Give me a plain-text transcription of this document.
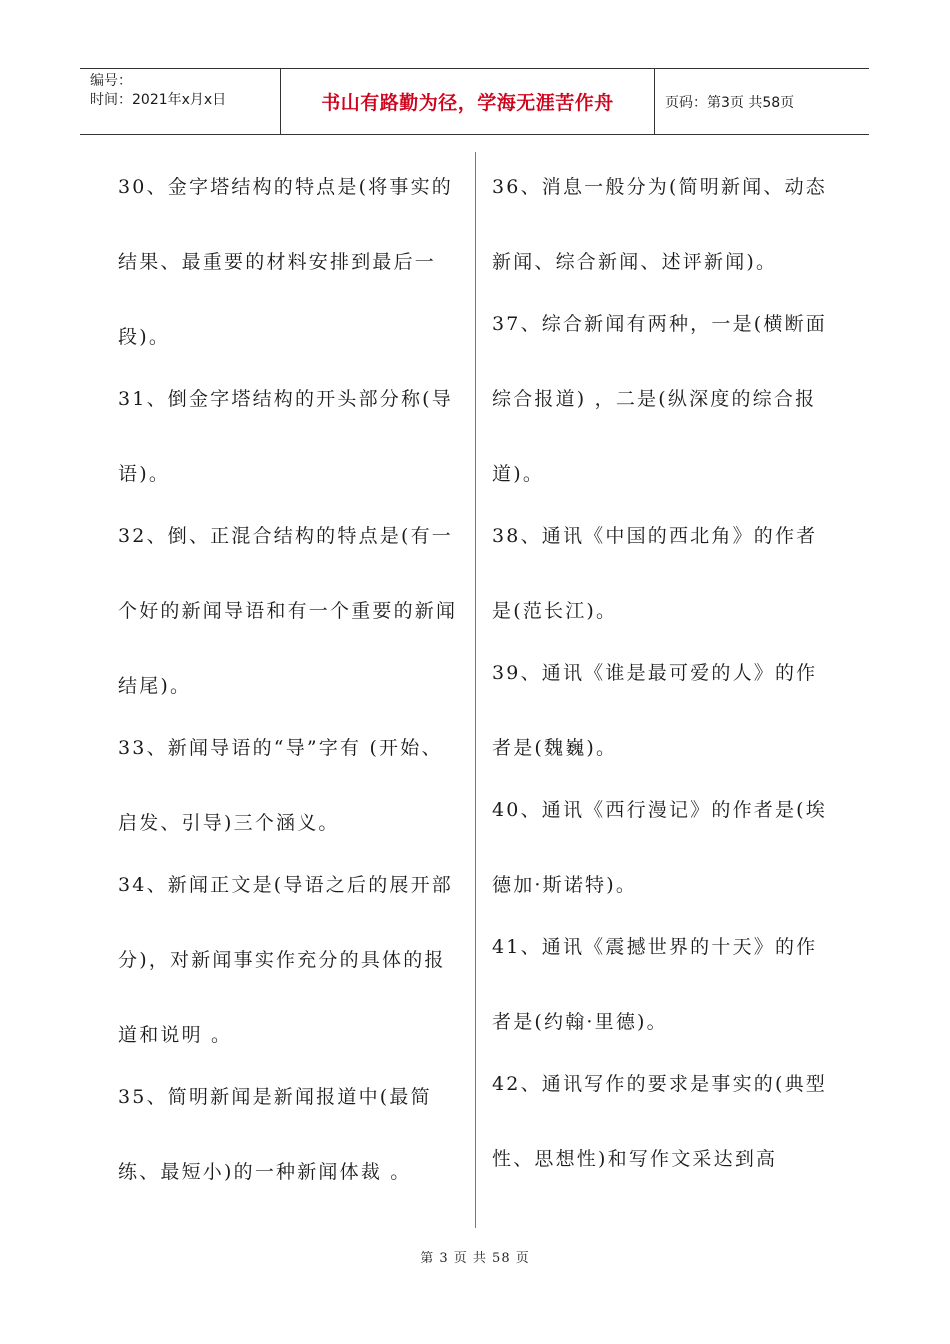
编号：
时间：2021年x月x日	书山有路勤为径，学海无涯苦作舟	页码：第3页 共58页
30、金字塔结构的特点是(将事实的结果、最重要的材料安排到最后一段)。
31、倒金字塔结构的开头部分称(导语)。
32、倒、正混合结构的特点是(有一个好的新闻导语和有一个重要的新闻结尾)。
33、新闻导语的“导”字有 (开始、启发、引导)三个涵义。
34、新闻正文是(导语之后的展开部分)，对新闻事实作充分的具体的报道和说明 。
35、简明新闻是新闻报道中(最简练、最短小)的一种新闻体裁 。
36、消息一般分为(简明新闻、动态新闻、综合新闻、述评新闻)。
37、综合新闻有两种，一是(横断面综合报道) ，二是(纵深度的综合报道)。
38、通讯《中国的西北角》的作者是(范长江)。
39、通讯《谁是最可爱的人》的作者是(魏巍)。
40、通讯《西行漫记》的作者是(埃德加·斯诺特)。
41、通讯《震撼世界的十天》的作者是(约翰·里德)。
42、通讯写作的要求是事实的(典型性、思想性)和写作文采达到高
第 3 页 共 58 页
